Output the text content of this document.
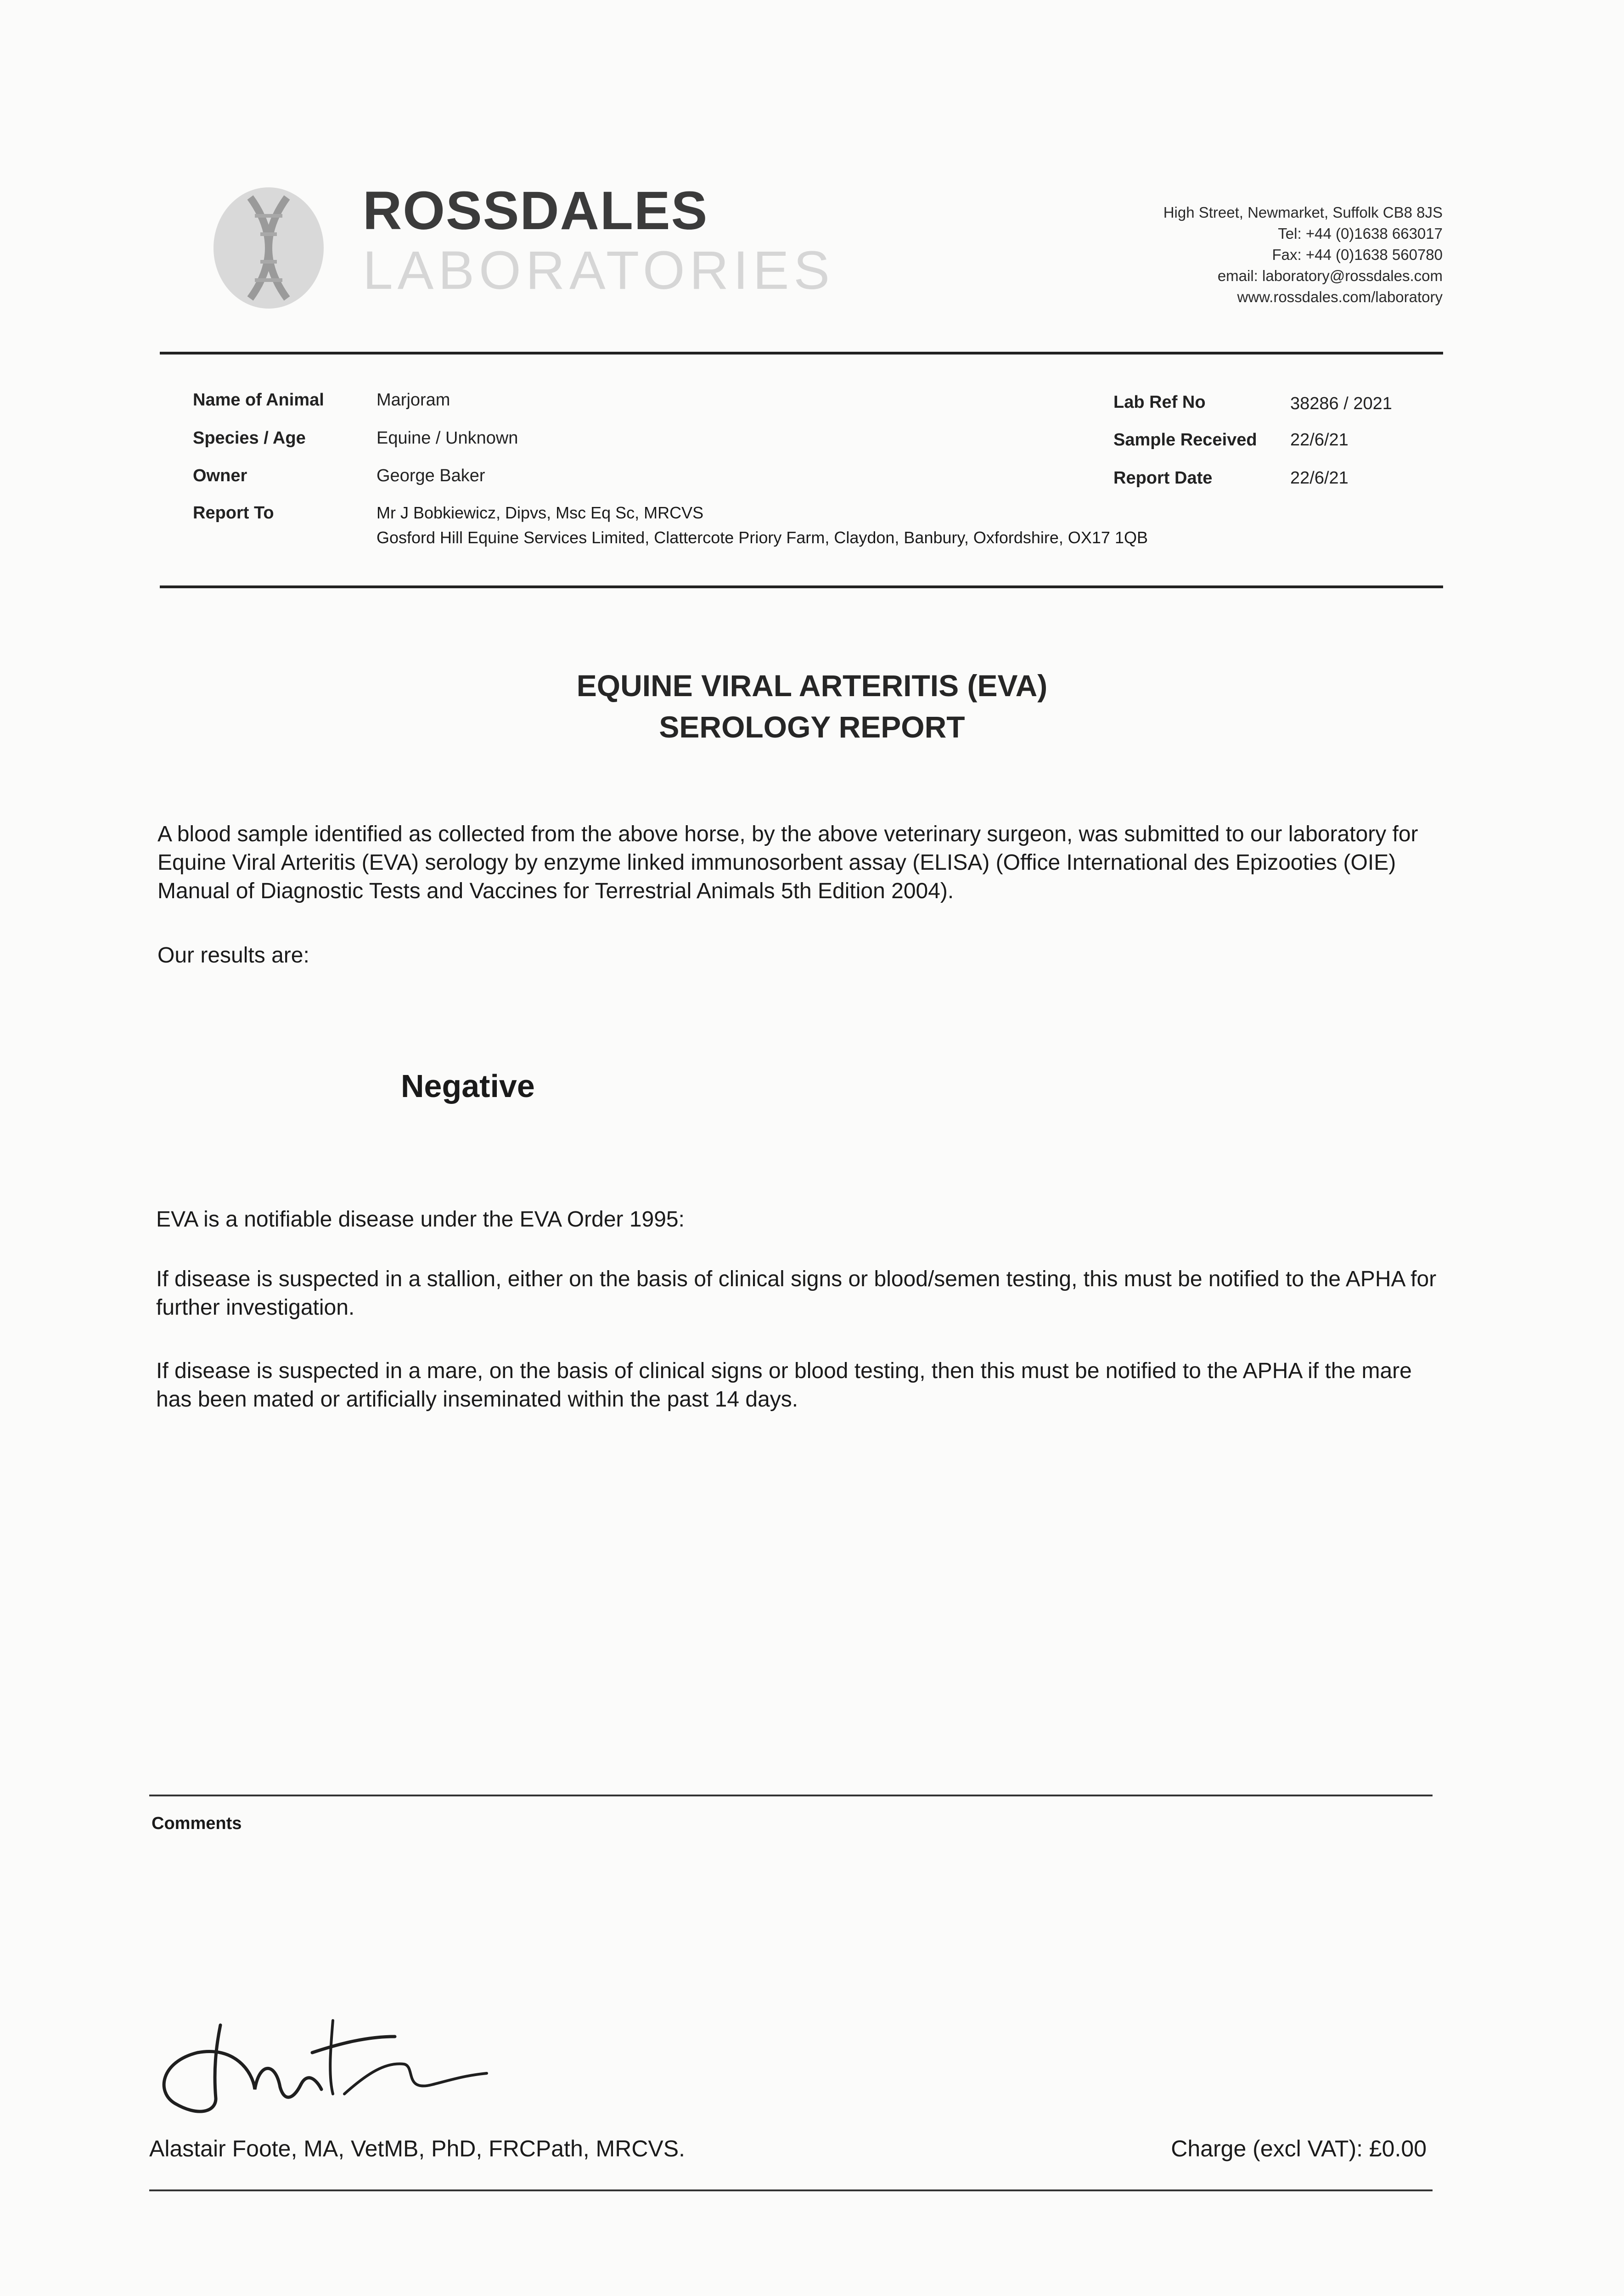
ROSSDALES
LABORATORIES
High Street, Newmarket, Suffolk CB8 8JS
Tel: +44 (0)1638 663017
Fax: +44 (0)1638 560780
email: laboratory@rossdales.com
www.rossdales.com/laboratory
Name of Animal	Marjoram
Species / Age	Equine / Unknown
Owner	George Baker
Report To	Mr J Bobkiewicz, Dipvs, Msc Eq Sc, MRCVS
Gosford Hill Equine Services Limited, Clattercote Priory Farm, Claydon, Banbury, Oxfordshire, OX17 1QB
Lab Ref No	38286 / 2021
Sample Received 22/6/21
Report Date	22/6/21
EQUINE VIRAL ARTERITIS (EVA)
SEROLOGY REPORT
A blood sample identified as collected from the above horse, by the above veterinary surgeon, was submitted to our laboratory for Equine Viral Arteritis (EVA) serology by enzyme linked immunosorbent assay (ELISA) (Office International des Epizooties (OIE) Manual of Diagnostic Tests and Vaccines for Terrestrial Animals 5th Edition 2004).
Our results are:
Negative
EVA is a notifiable disease under the EVA Order 1995:
If disease is suspected in a stallion, either on the basis of clinical signs or blood/semen testing, this must be notified to the APHA for further investigation.
If disease is suspected in a mare, on the basis of clinical signs or blood testing, then this must be notified to the APHA if the mare has been mated or artificially inseminated within the past 14 days.
Comments
Alastair Foote, MA, VetMB, PhD, FRCPath, MRCVS.	Charge (excl VAT): £0.00
